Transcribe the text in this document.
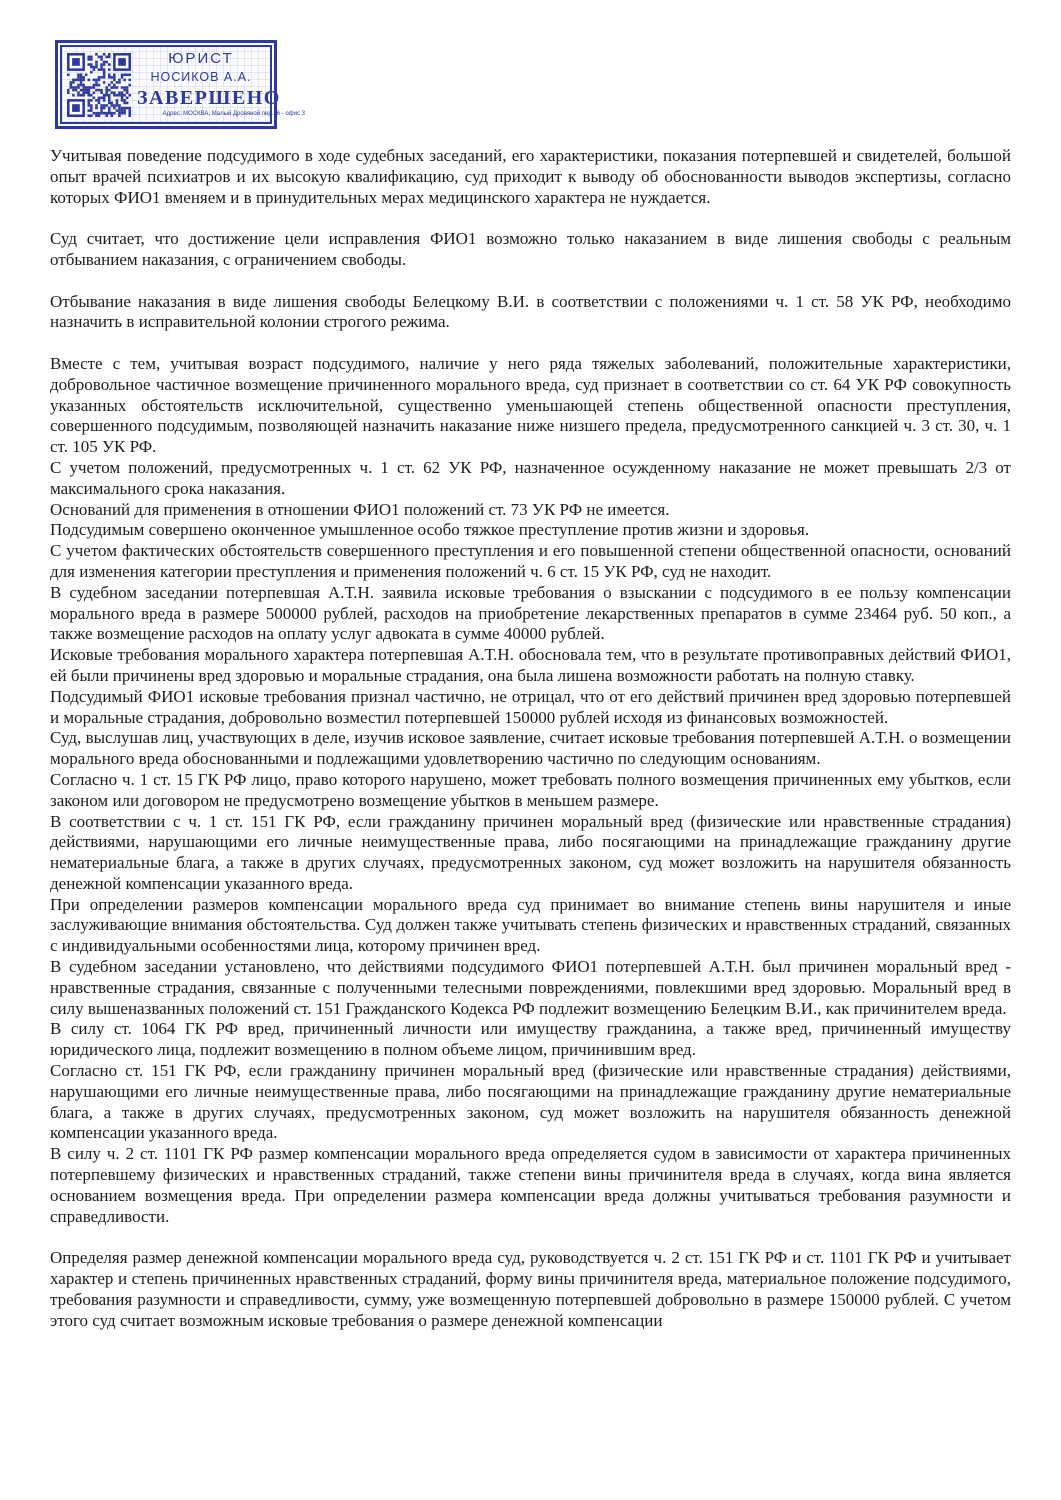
ЮРИСТ
НОСИКОВ А.А.
ЗАВЕРШЕНО
Адрес: МОСКВА, Малый Дровяной пер., 6 - офис 3

Учитывая поведение подсудимого в ходе судебных заседаний, его характеристики, показания потерпевшей и свидетелей, большой опыт врачей психиатров и их высокую квалификацию, суд приходит к выводу об обоснованности выводов экспертизы, согласно которых ФИО1 вменяем и в принудительных мерах медицинского характера не нуждается.

Суд считает, что достижение цели исправления ФИО1 возможно только наказанием в виде лишения свободы с реальным отбыванием наказания, с ограничением свободы.

Отбывание наказания в виде лишения свободы Белецкому В.И. в соответствии с положениями ч. 1 ст. 58 УК РФ, необходимо назначить в исправительной колонии строгого режима.

Вместе с тем, учитывая возраст подсудимого, наличие у него ряда тяжелых заболеваний, положительные характеристики, добровольное частичное возмещение причиненного морального вреда, суд признает в соответствии со ст. 64 УК РФ совокупность указанных обстоятельств исключительной, существенно уменьшающей степень общественной опасности преступления, совершенного подсудимым, позволяющей назначить наказание ниже низшего предела, предусмотренного санкцией ч. 3 ст. 30, ч. 1 ст. 105 УК РФ.

С учетом положений, предусмотренных ч. 1 ст. 62 УК РФ, назначенное осужденному наказание не может превышать 2/3 от максимального срока наказания.

Оснований для применения в отношении ФИО1 положений ст. 73 УК РФ не имеется.

Подсудимым совершено оконченное умышленное особо тяжкое преступление против жизни и здоровья.

С учетом фактических обстоятельств совершенного преступления и его повышенной степени общественной опасности, оснований для изменения категории преступления и применения положений ч. 6 ст. 15 УК РФ, суд не находит.

В судебном заседании потерпевшая А.Т.Н. заявила исковые требования о взыскании с подсудимого в ее пользу компенсации морального вреда в размере 500000 рублей, расходов на приобретение лекарственных препаратов в сумме 23464 руб. 50 коп., а также возмещение расходов на оплату услуг адвоката в сумме 40000 рублей.

Исковые требования морального характера потерпевшая А.Т.Н. обосновала тем, что в результате противоправных действий ФИО1, ей были причинены вред здоровью и моральные страдания, она была лишена возможности работать на полную ставку.

Подсудимый ФИО1 исковые требования признал частично, не отрицал, что от его действий причинен вред здоровью потерпевшей и моральные страдания, добровольно возместил потерпевшей 150000 рублей исходя из финансовых возможностей.

Суд, выслушав лиц, участвующих в деле, изучив исковое заявление, считает исковые требования потерпевшей А.Т.Н. о возмещении морального вреда обоснованными и подлежащими удовлетворению частично по следующим основаниям.

Согласно ч. 1 ст. 15 ГК РФ лицо, право которого нарушено, может требовать полного возмещения причиненных ему убытков, если законом или договором не предусмотрено возмещение убытков в меньшем размере.

В соответствии с ч. 1 ст. 151 ГК РФ, если гражданину причинен моральный вред (физические или нравственные страдания) действиями, нарушающими его личные неимущественные права, либо посягающими на принадлежащие гражданину другие нематериальные блага, а также в других случаях, предусмотренных законом, суд может возложить на нарушителя обязанность денежной компенсации указанного вреда.

При определении размеров компенсации морального вреда суд принимает во внимание степень вины нарушителя и иные заслуживающие внимания обстоятельства. Суд должен также учитывать степень физических и нравственных страданий, связанных с индивидуальными особенностями лица, которому причинен вред.

В судебном заседании установлено, что действиями подсудимого ФИО1 потерпевшей А.Т.Н. был причинен моральный вред - нравственные страдания, связанные с полученными телесными повреждениями, повлекшими вред здоровью. Моральный вред в силу вышеназванных положений ст. 151 Гражданского Кодекса РФ подлежит возмещению Белецким В.И., как причинителем вреда.

В силу ст. 1064 ГК РФ вред, причиненный личности или имуществу гражданина, а также вред, причиненный имуществу юридического лица, подлежит возмещению в полном объеме лицом, причинившим вред.

Согласно ст. 151 ГК РФ, если гражданину причинен моральный вред (физические или нравственные страдания) действиями, нарушающими его личные неимущественные права, либо посягающими на принадлежащие гражданину другие нематериальные блага, а также в других случаях, предусмотренных законом, суд может возложить на нарушителя обязанность денежной компенсации указанного вреда.

В силу ч. 2 ст. 1101 ГК РФ размер компенсации морального вреда определяется судом в зависимости от характера причиненных потерпевшему физических и нравственных страданий, также степени вины причинителя вреда в случаях, когда вина является основанием возмещения вреда. При определении размера компенсации вреда должны учитываться требования разумности и справедливости.

Определяя размер денежной компенсации морального вреда суд, руководствуется ч. 2 ст. 151 ГК РФ и ст. 1101 ГК РФ и учитывает характер и степень причиненных нравственных страданий, форму вины причинителя вреда, материальное положение подсудимого, требования разумности и справедливости, сумму, уже возмещенную потерпевшей добровольно в размере 150000 рублей. С учетом этого суд считает возможным исковые требования о размере денежной компенсации
